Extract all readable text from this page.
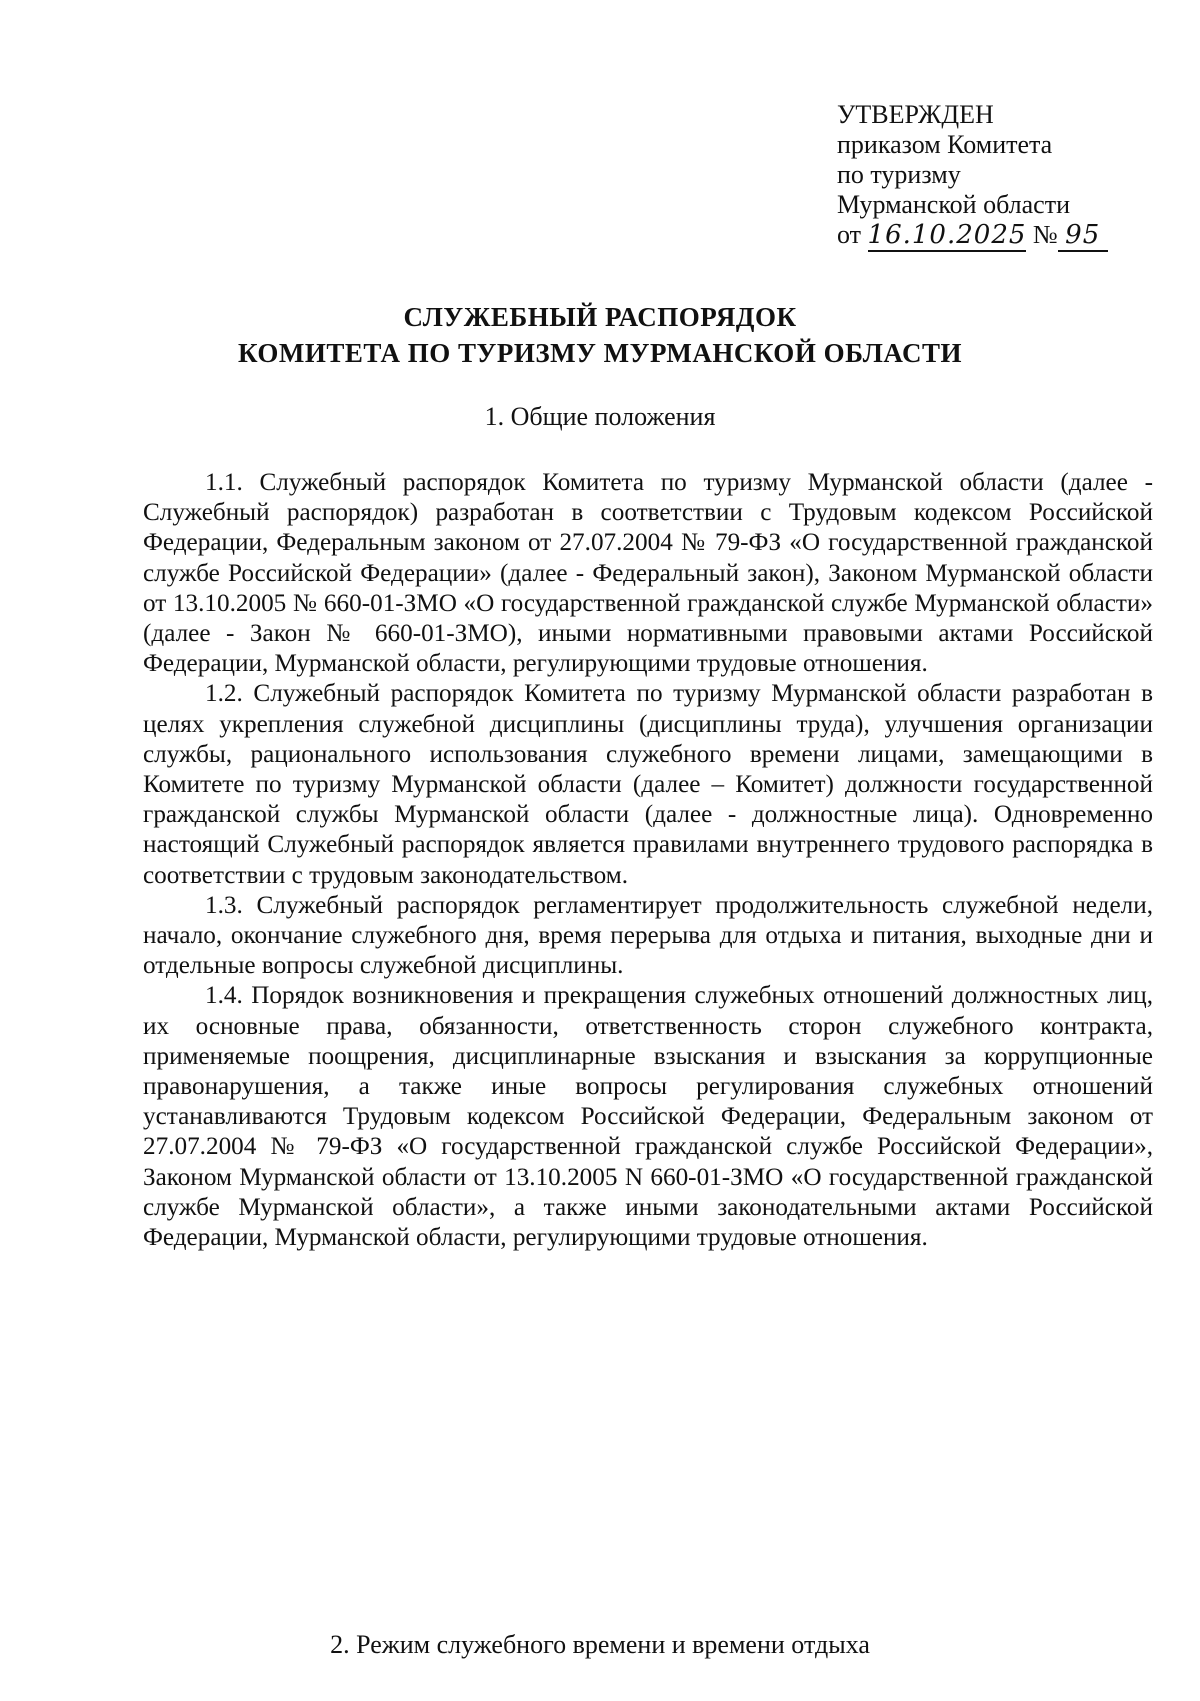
УТВЕРЖДЕН
приказом Комитета
по туризму
Мурманской области
от 16.10.2025 № 95
СЛУЖЕБНЫЙ РАСПОРЯДОК
КОМИТЕТА ПО ТУРИЗМУ МУРМАНСКОЙ ОБЛАСТИ
1. Общие положения

1.1. Служебный распорядок Комитета по туризму Мурманской области (далее - Служебный распорядок) разработан в соответствии с Трудовым кодексом Российской Федерации, Федеральным законом от 27.07.2004 № 79-ФЗ «О государственной гражданской службе Российской Федерации» (далее - Федеральный закон), Законом Мурманской области от 13.10.2005 № 660-01-ЗМО «О государственной гражданской службе Мурманской области» (далее - Закон № 660-01-ЗМО), иными нормативными правовыми актами Российской Федерации, Мурманской области, регулирующими трудовые отношения.

1.2. Служебный распорядок Комитета по туризму Мурманской области разработан в целях укрепления служебной дисциплины (дисциплины труда), улучшения организации службы, рационального использования служебного времени лицами, замещающими в Комитете по туризму Мурманской области (далее – Комитет) должности государственной гражданской службы Мурманской области (далее - должностные лица). Одновременно настоящий Служебный распорядок является правилами внутреннего трудового распорядка в соответствии с трудовым законодательством.

1.3. Служебный распорядок регламентирует продолжительность служебной недели, начало, окончание служебного дня, время перерыва для отдыха и питания, выходные дни и отдельные вопросы служебной дисциплины.

1.4. Порядок возникновения и прекращения служебных отношений должностных лиц, их основные права, обязанности, ответственность сторон служебного контракта, применяемые поощрения, дисциплинарные взыскания и взыскания за коррупционные правонарушения, а также иные вопросы регулирования служебных отношений устанавливаются Трудовым кодексом Российской Федерации, Федеральным законом от 27.07.2004 № 79-ФЗ «О государственной гражданской службе Российской Федерации», Законом Мурманской области от 13.10.2005 N 660-01-ЗМО «О государственной гражданской службе Мурманской области», а также иными законодательными актами Российской Федерации, Мурманской области, регулирующими трудовые отношения.

2. Режим служебного времени и времени отдыха
